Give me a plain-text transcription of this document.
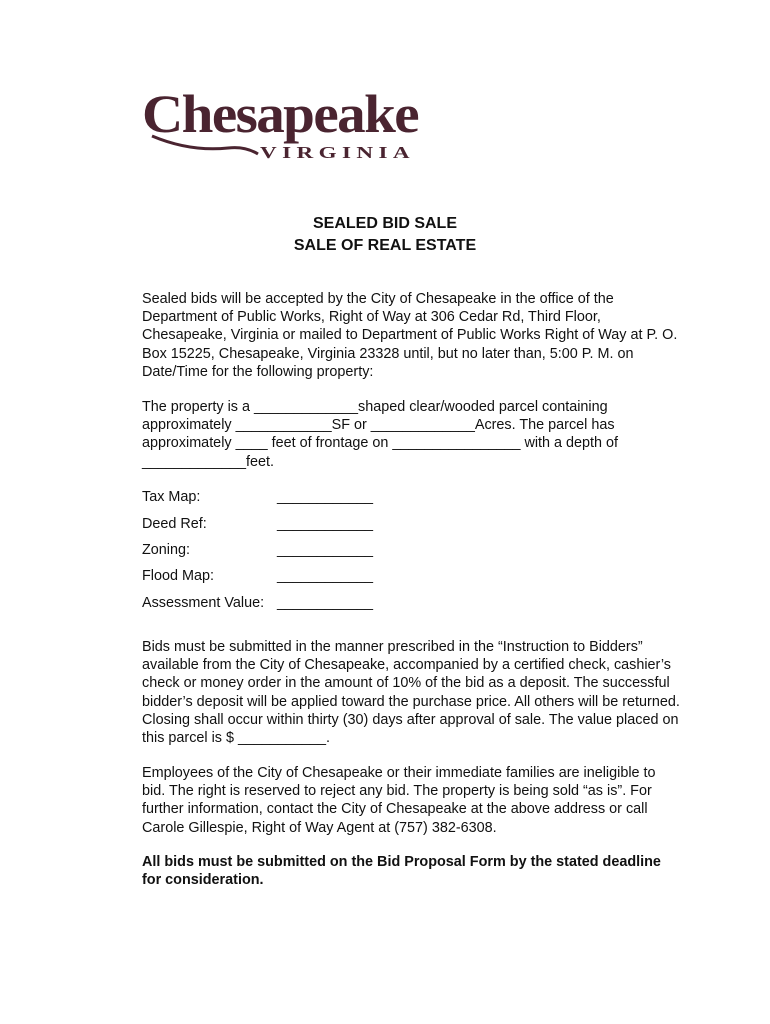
Chesapeake
VIRGINIA
SEALED BID SALE
SALE OF REAL ESTATE
Sealed bids will be accepted by the City of Chesapeake in the office of the Department of Public Works, Right of Way at 306 Cedar Rd, Third Floor, Chesapeake, Virginia or mailed to Department of Public Works Right of Way at P. O. Box 15225, Chesapeake, Virginia 23328 until, but no later than, 5:00 P. M. on Date/Time for the following property:
The property is a _____________shaped clear/wooded parcel containing approximately ____________SF or _____________Acres. The parcel has approximately ____ feet of frontage on ________________ with a depth of _____________feet.
Tax Map:	____________
Deed Ref:	____________
Zoning:	____________
Flood Map:	____________
Assessment Value: ____________
Bids must be submitted in the manner prescribed in the “Instruction to Bidders” available from the City of Chesapeake, accompanied by a certified check, cashier’s check or money order in the amount of 10% of the bid as a deposit. The successful bidder’s deposit will be applied toward the purchase price. All others will be returned. Closing shall occur within thirty (30) days after approval of sale. The value placed on this parcel is $ ___________.
Employees of the City of Chesapeake or their immediate families are ineligible to bid. The right is reserved to reject any bid. The property is being sold “as is”. For further information, contact the City of Chesapeake at the above address or call Carole Gillespie, Right of Way Agent at (757) 382-6308.
All bids must be submitted on the Bid Proposal Form by the stated deadline for consideration.
